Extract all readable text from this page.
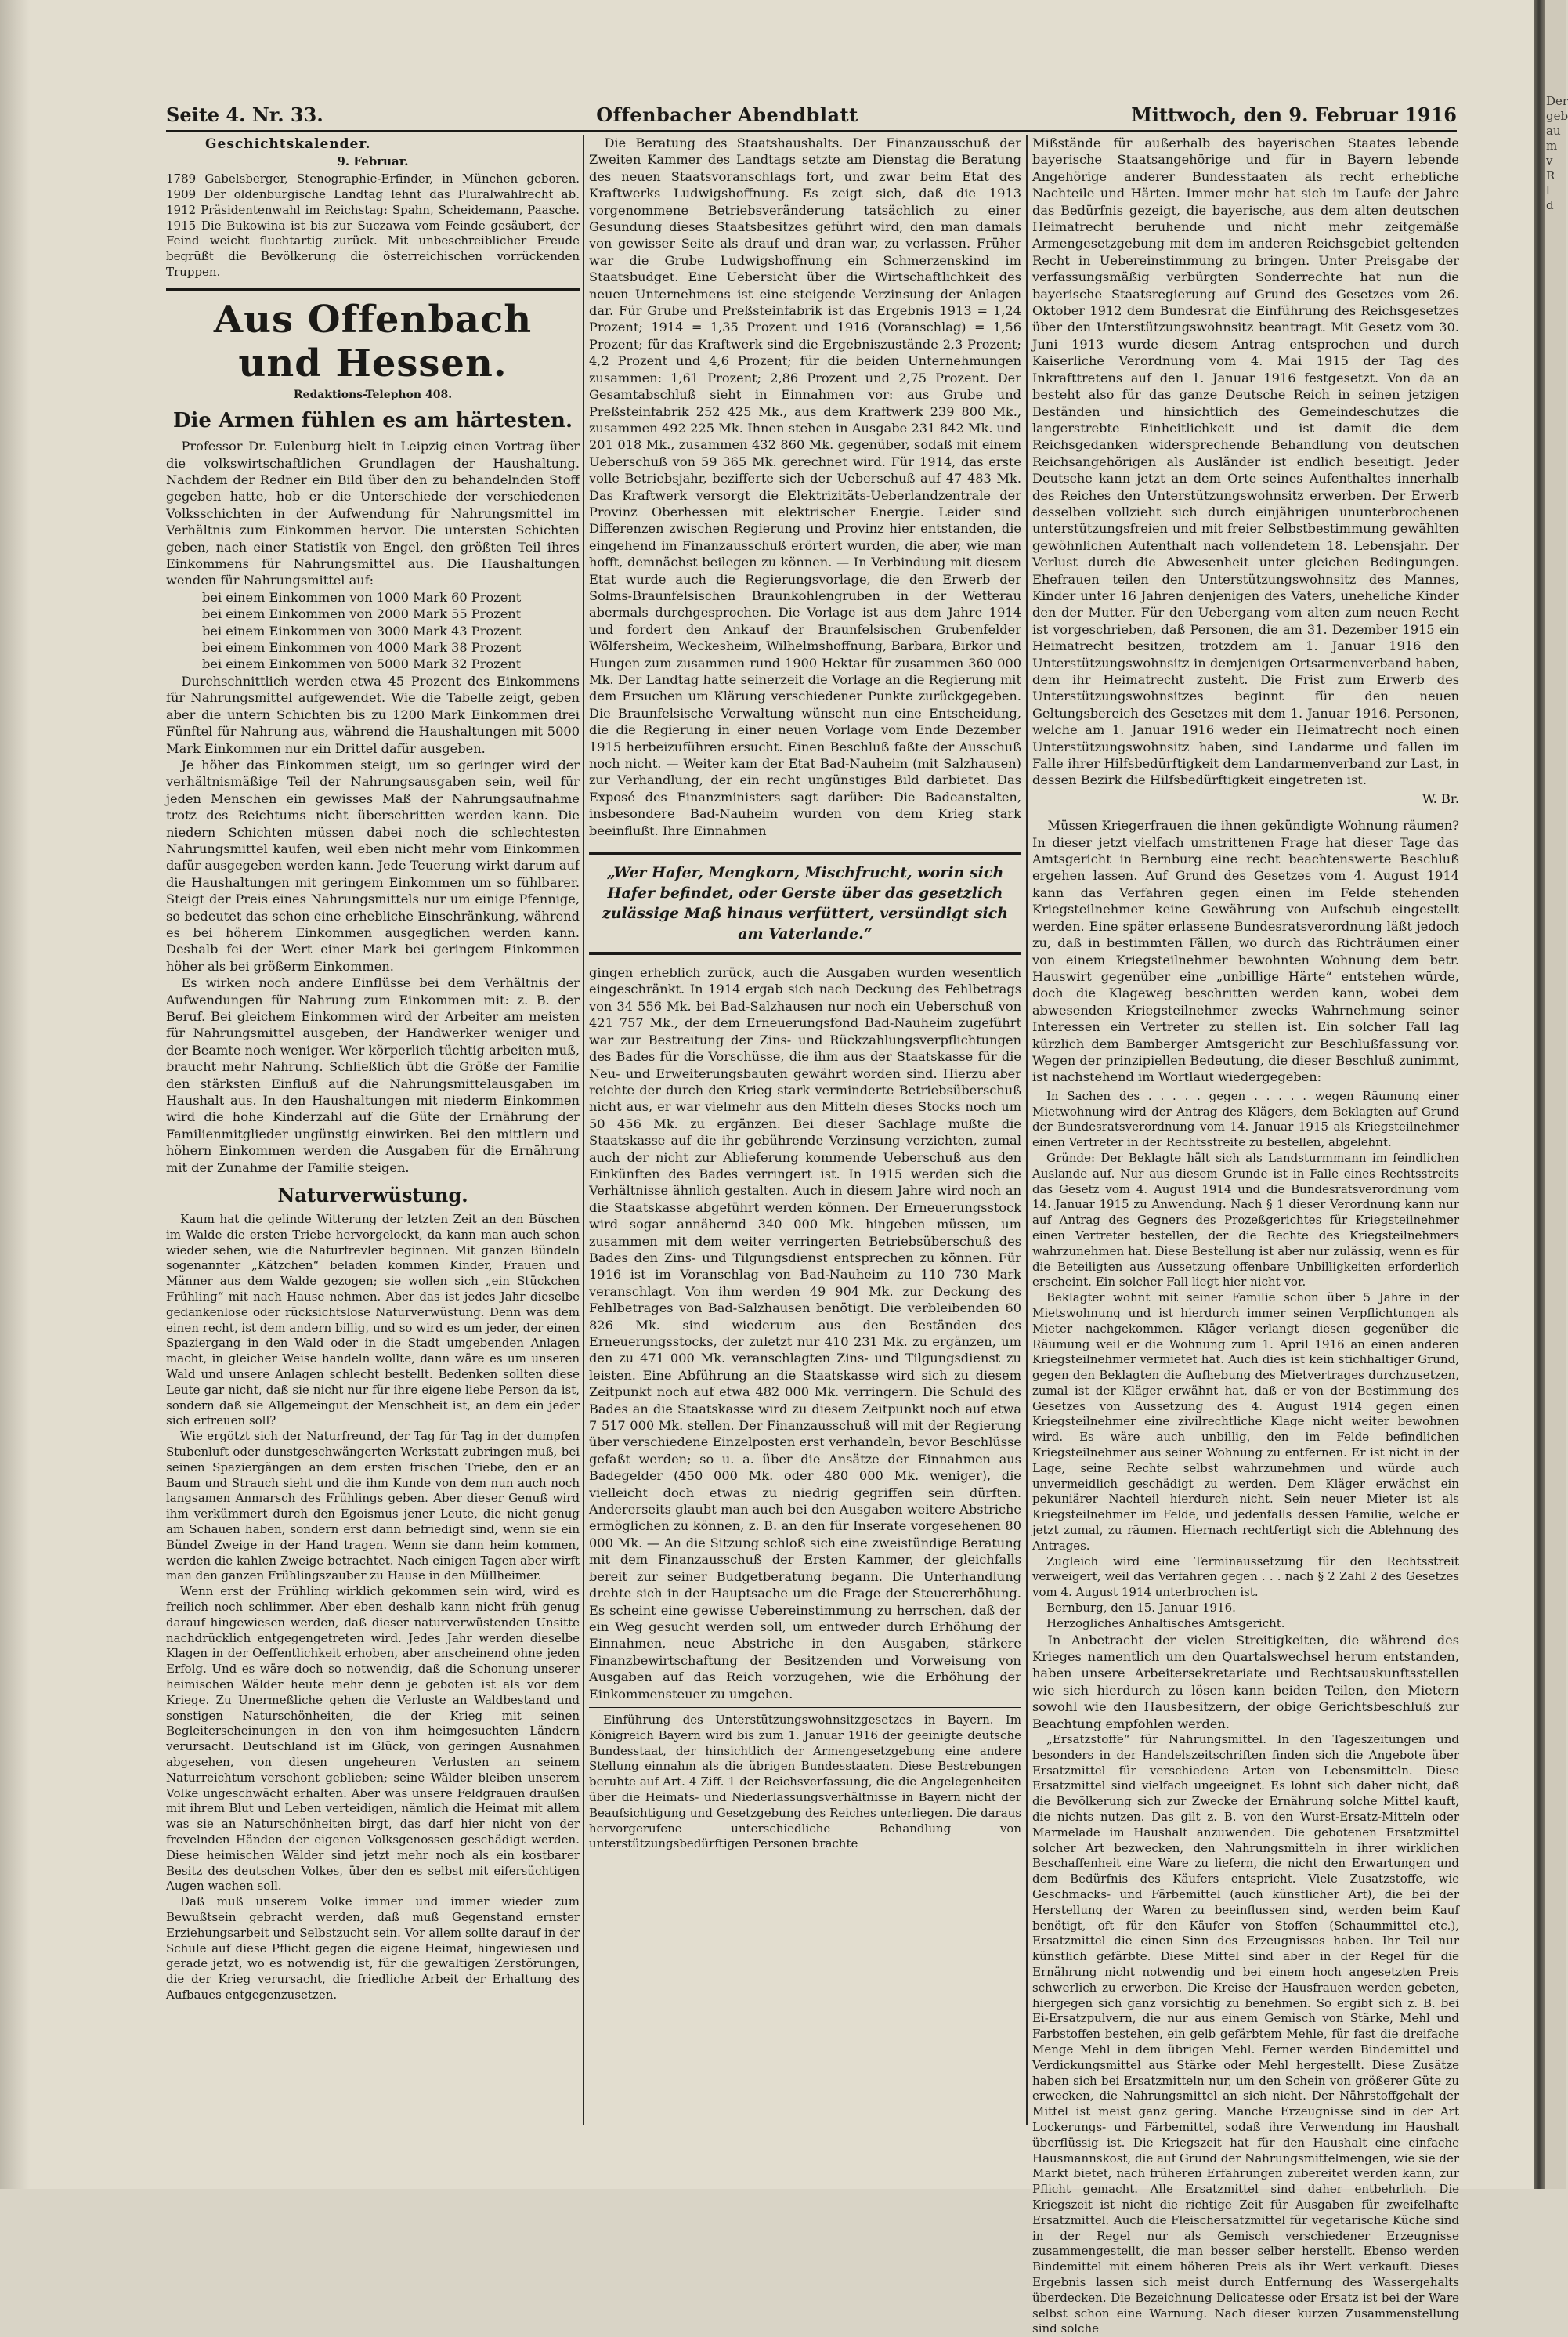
Seite 4. Nr. 33.	Offenbacher Abendblatt	Mittwoch, den 9. Februar 1916
Geschichtskalender.
9. Februar.

1789 Gabelsberger, Stenographie-Erfinder, in München geboren. 1909 Der oldenburgische Landtag lehnt das Pluralwahlrecht ab. 1912 Präsidentenwahl im Reichstag: Spahn, Scheidemann, Paasche. 1915 Die Bukowina ist bis zur Suczawa vom Feinde gesäubert, der Feind weicht fluchtartig zurück. Mit unbeschreiblicher Freude begrüßt die Bevölkerung die österreichischen vorrückenden Truppen.

Aus Offenbach und Hessen.
Redaktions-Telephon 408.
Die Armen fühlen es am härtesten.

Professor Dr. Eulenburg hielt in Leipzig einen Vortrag über die volkswirtschaftlichen Grundlagen der Haushaltung. Nachdem der Redner ein Bild über den zu behandelnden Stoff gegeben hatte, hob er die Unterschiede der verschiedenen Volksschichten in der Aufwendung für Nahrungsmittel im Verhältnis zum Einkommen hervor. Die untersten Schichten geben, nach einer Statistik von Engel, den größten Teil ihres Einkommens für Nahrungsmittel aus. Die Haushaltungen wenden für Nahrungsmittel auf:

bei einem Einkommen von 1000 Mark 60 Prozent
bei einem Einkommen von 2000 Mark 55 Prozent
bei einem Einkommen von 3000 Mark 43 Prozent
bei einem Einkommen von 4000 Mark 38 Prozent
bei einem Einkommen von 5000 Mark 32 Prozent

Durchschnittlich werden etwa 45 Prozent des Einkommens für Nahrungsmittel aufgewendet. Wie die Tabelle zeigt, geben aber die untern Schichten bis zu 1200 Mark Einkommen drei Fünftel für Nahrung aus, während die Haushaltungen mit 5000 Mark Einkommen nur ein Drittel dafür ausgeben.

Je höher das Einkommen steigt, um so geringer wird der verhältnismäßige Teil der Nahrungsausgaben sein, weil für jeden Menschen ein gewisses Maß der Nahrungsaufnahme trotz des Reichtums nicht überschritten werden kann. Die niedern Schichten müssen dabei noch die schlechtesten Nahrungsmittel kaufen, weil eben nicht mehr vom Einkommen dafür ausgegeben werden kann. Jede Teuerung wirkt darum auf die Haushaltungen mit geringem Einkommen um so fühlbarer. Steigt der Preis eines Nahrungsmittels nur um einige Pfennige, so bedeutet das schon eine erhebliche Einschränkung, während es bei höherem Einkommen ausgeglichen werden kann. Deshalb fei der Wert einer Mark bei geringem Einkommen höher als bei größerm Einkommen.

Es wirken noch andere Einflüsse bei dem Verhältnis der Aufwendungen für Nahrung zum Einkommen mit: z. B. der Beruf. Bei gleichem Einkommen wird der Arbeiter am meisten für Nahrungsmittel ausgeben, der Handwerker weniger und der Beamte noch weniger. Wer körperlich tüchtig arbeiten muß, braucht mehr Nahrung. Schließlich übt die Größe der Familie den stärksten Einfluß auf die Nahrungsmittelausgaben im Haushalt aus. In den Haushaltungen mit niederm Einkommen wird die hohe Kinderzahl auf die Güte der Ernährung der Familienmitglieder ungünstig einwirken. Bei den mittlern und höhern Einkommen werden die Ausgaben für die Ernährung mit der Zunahme der Familie steigen.

Naturverwüstung.

Kaum hat die gelinde Witterung der letzten Zeit an den Büschen im Walde die ersten Triebe hervorgelockt, da kann man auch schon wieder sehen, wie die Naturfrevler beginnen. Mit ganzen Bündeln sogenannter „Kätzchen“ beladen kommen Kinder, Frauen und Männer aus dem Walde gezogen; sie wollen sich „ein Stückchen Frühling“ mit nach Hause nehmen. Aber das ist jedes Jahr dieselbe gedankenlose oder rücksichtslose Naturverwüstung. Denn was dem einen recht, ist dem andern billig, und so wird es um jeder, der einen Spaziergang in den Wald oder in die Stadt umgebenden Anlagen macht, in gleicher Weise handeln wollte, dann wäre es um unseren Wald und unsere Anlagen schlecht bestellt. Bedenken sollten diese Leute gar nicht, daß sie nicht nur für ihre eigene liebe Person da ist, sondern daß sie Allgemeingut der Menschheit ist, an dem ein jeder sich erfreuen soll?

Wie ergötzt sich der Naturfreund, der Tag für Tag in der dumpfen Stubenluft oder dunstgeschwängerten Werkstatt zubringen muß, bei seinen Spaziergängen an dem ersten frischen Triebe, den er an Baum und Strauch sieht und die ihm Kunde von dem nun auch noch langsamen Anmarsch des Frühlings geben. Aber dieser Genuß wird ihm verkümmert durch den Egoismus jener Leute, die nicht genug am Schauen haben, sondern erst dann befriedigt sind, wenn sie ein Bündel Zweige in der Hand tragen. Wenn sie dann heim kommen, werden die kahlen Zweige betrachtet. Nach einigen Tagen aber wirft man den ganzen Frühlingszauber zu Hause in den Müllheimer.

Wenn erst der Frühling wirklich gekommen sein wird, wird es freilich noch schlimmer. Aber eben deshalb kann nicht früh genug darauf hingewiesen werden, daß dieser naturverwüstenden Unsitte nachdrücklich entgegengetreten wird. Jedes Jahr werden dieselbe Klagen in der Oeffentlichkeit erhoben, aber anscheinend ohne jeden Erfolg. Und es wäre doch so notwendig, daß die Schonung unserer heimischen Wälder heute mehr denn je geboten ist als vor dem Kriege. Zu Unermeßliche gehen die Verluste an Waldbestand und sonstigen Naturschönheiten, die der Krieg mit seinen Begleiterscheinungen in den von ihm heimgesuchten Ländern verursacht. Deutschland ist im Glück, von geringen Ausnahmen abgesehen, von diesen ungeheuren Verlusten an seinem Naturreichtum verschont geblieben; seine Wälder bleiben unserem Volke ungeschwächt erhalten. Aber was unsere Feldgrauen draußen mit ihrem Blut und Leben verteidigen, nämlich die Heimat mit allem was sie an Naturschönheiten birgt, das darf hier nicht von der frevelnden Händen der eigenen Volksgenossen geschädigt werden. Diese heimischen Wälder sind jetzt mehr noch als ein kostbarer Besitz des deutschen Volkes, über den es selbst mit eifersüchtigen Augen wachen soll.

Daß muß unserem Volke immer und immer wieder zum Bewußtsein gebracht werden, daß muß Gegenstand ernster Erziehungsarbeit und Selbstzucht sein. Vor allem sollte darauf in der Schule auf diese Pflicht gegen die eigene Heimat, hingewiesen und gerade jetzt, wo es notwendig ist, für die gewaltigen Zerstörungen, die der Krieg verursacht, die friedliche Arbeit der Erhaltung des Aufbaues entgegenzusetzen.

Die Beratung des Staatshaushalts. Der Finanzausschuß der Zweiten Kammer des Landtags setzte am Dienstag die Beratung des neuen Staatsvoranschlags fort, und zwar beim Etat des Kraftwerks Ludwigshoffnung. Es zeigt sich, daß die 1913 vorgenommene Betriebsveränderung tatsächlich zu einer Gesundung dieses Staatsbesitzes geführt wird, den man damals von gewisser Seite als drauf und dran war, zu verlassen. Früher war die Grube Ludwigshoffnung ein Schmerzenskind im Staatsbudget. Eine Uebersicht über die Wirtschaftlichkeit des neuen Unternehmens ist eine steigende Verzinsung der Anlagen dar. Für Grube und Preßsteinfabrik ist das Ergebnis 1913 = 1,24 Prozent; 1914 = 1,35 Prozent und 1916 (Voranschlag) = 1,56 Prozent; für das Kraftwerk sind die Ergebniszustände 2,3 Prozent; 4,2 Prozent und 4,6 Prozent; für die beiden Unternehmungen zusammen: 1,61 Prozent; 2,86 Prozent und 2,75 Prozent. Der Gesamtabschluß sieht in Einnahmen vor: aus Grube und Preßsteinfabrik 252 425 Mk., aus dem Kraftwerk 239 800 Mk., zusammen 492 225 Mk. Ihnen stehen in Ausgabe 231 842 Mk. und 201 018 Mk., zusammen 432 860 Mk. gegenüber, sodaß mit einem Ueberschuß von 59 365 Mk. gerechnet wird. Für 1914, das erste volle Betriebsjahr, bezifferte sich der Ueberschuß auf 47 483 Mk. Das Kraftwerk versorgt die Elektrizitäts-Ueberlandzentrale der Provinz Oberhessen mit elektrischer Energie. Leider sind Differenzen zwischen Regierung und Provinz hier entstanden, die eingehend im Finanzausschuß erörtert wurden, die aber, wie man hofft, demnächst beilegen zu können. — In Verbindung mit diesem Etat wurde auch die Regierungsvorlage, die den Erwerb der Solms-Braunfelsischen Braunkohlengruben in der Wetterau abermals durchgesprochen. Die Vorlage ist aus dem Jahre 1914 und fordert den Ankauf der Braunfelsischen Grubenfelder Wölfersheim, Weckesheim, Wilhelmshoffnung, Barbara, Birkor und Hungen zum zusammen rund 1900 Hektar für zusammen 360 000 Mk. Der Landtag hatte seinerzeit die Vorlage an die Regierung mit dem Ersuchen um Klärung verschiedener Punkte zurückgegeben. Die Braunfelsische Verwaltung wünscht nun eine Entscheidung, die die Regierung in einer neuen Vorlage vom Ende Dezember 1915 herbeizuführen ersucht. Einen Beschluß faßte der Ausschuß noch nicht. — Weiter kam der Etat Bad-Nauheim (mit Salzhausen) zur Verhandlung, der ein recht ungünstiges Bild darbietet. Das Exposé des Finanzministers sagt darüber: Die Badeanstalten, insbesondere Bad-Nauheim wurden von dem Krieg stark beeinflußt. Ihre Einnahmen

„Wer Hafer, Mengkorn, Mischfrucht, worin sich Hafer befindet, oder Gerste über das gesetzlich zulässige Maß hinaus verfüttert, versündigt sich am Vaterlande.“

gingen erheblich zurück, auch die Ausgaben wurden wesentlich eingeschränkt. In 1914 ergab sich nach Deckung des Fehlbetrags von 34 556 Mk. bei Bad-Salzhausen nur noch ein Ueberschuß von 421 757 Mk., der dem Erneuerungsfond Bad-Nauheim zugeführt war zur Bestreitung der Zins- und Rückzahlungsverpflichtungen des Bades für die Vorschüsse, die ihm aus der Staatskasse für die Neu- und Erweiterungsbauten gewährt worden sind. Hierzu aber reichte der durch den Krieg stark verminderte Betriebsüberschuß nicht aus, er war vielmehr aus den Mitteln dieses Stocks noch um 50 456 Mk. zu ergänzen. Bei dieser Sachlage mußte die Staatskasse auf die ihr gebührende Verzinsung verzichten, zumal auch der nicht zur Ablieferung kommende Ueberschuß aus den Einkünften des Bades verringert ist. In 1915 werden sich die Verhältnisse ähnlich gestalten. Auch in diesem Jahre wird noch an die Staatskasse abgeführt werden können. Der Erneuerungsstock wird sogar annähernd 340 000 Mk. hingeben müssen, um zusammen mit dem weiter verringerten Betriebsüberschuß des Bades den Zins- und Tilgungsdienst entsprechen zu können. Für 1916 ist im Voranschlag von Bad-Nauheim zu 110 730 Mark veranschlagt. Von ihm werden 49 904 Mk. zur Deckung des Fehlbetrages von Bad-Salzhausen benötigt. Die verbleibenden 60 826 Mk. sind wiederum aus den Beständen des Erneuerungsstocks, der zuletzt nur 410 231 Mk. zu ergänzen, um den zu 471 000 Mk. veranschlagten Zins- und Tilgungsdienst zu leisten. Eine Abführung an die Staatskasse wird sich zu diesem Zeitpunkt noch auf etwa 482 000 Mk. verringern. Die Schuld des Bades an die Staatskasse wird zu diesem Zeitpunkt noch auf etwa 7 517 000 Mk. stellen. Der Finanzausschuß will mit der Regierung über verschiedene Einzelposten erst verhandeln, bevor Beschlüsse gefaßt werden; so u. a. über die Ansätze der Einnahmen aus Badegelder (450 000 Mk. oder 480 000 Mk. weniger), die vielleicht doch etwas zu niedrig gegriffen sein dürften. Andererseits glaubt man auch bei den Ausgaben weitere Abstriche ermöglichen zu können, z. B. an den für Inserate vorgesehenen 80 000 Mk. — An die Sitzung schloß sich eine zweistündige Beratung mit dem Finanzausschuß der Ersten Kammer, der gleichfalls bereit zur seiner Budgetberatung begann. Die Unterhandlung drehte sich in der Hauptsache um die Frage der Steuererhöhung. Es scheint eine gewisse Uebereinstimmung zu herrschen, daß der ein Weg gesucht werden soll, um entweder durch Erhöhung der Einnahmen, neue Abstriche in den Ausgaben, stärkere Finanzbewirtschaftung der Besitzenden und Vorweisung von Ausgaben auf das Reich vorzugehen, wie die Erhöhung der Einkommensteuer zu umgehen.

Einführung des Unterstützungswohnsitzgesetzes in Bayern. Im Königreich Bayern wird bis zum 1. Januar 1916 der geeinigte deutsche Bundesstaat, der hinsichtlich der Armengesetzgebung eine andere Stellung einnahm als die übrigen Bundesstaaten. Diese Bestrebungen beruhte auf Art. 4 Ziff. 1 der Reichsverfassung, die die Angelegenheiten über die Heimats- und Niederlassungsverhältnisse in Bayern nicht der Beaufsichtigung und Gesetzgebung des Reiches unterliegen. Die daraus hervorgerufene unterschiedliche Behandlung von unterstützungsbedürftigen Personen brachte

Mißstände für außerhalb des bayerischen Staates lebende bayerische Staatsangehörige und für in Bayern lebende Angehörige anderer Bundesstaaten als recht erhebliche Nachteile und Härten. Immer mehr hat sich im Laufe der Jahre das Bedürfnis gezeigt, die bayerische, aus dem alten deutschen Heimatrecht beruhende und nicht mehr zeitgemäße Armengesetzgebung mit dem im anderen Reichsgebiet geltenden Recht in Uebereinstimmung zu bringen. Unter Preisgabe der verfassungsmäßig verbürgten Sonderrechte hat nun die bayerische Staatsregierung auf Grund des Gesetzes vom 26. Oktober 1912 dem Bundesrat die Einführung des Reichsgesetzes über den Unterstützungswohnsitz beantragt. Mit Gesetz vom 30. Juni 1913 wurde diesem Antrag entsprochen und durch Kaiserliche Verordnung vom 4. Mai 1915 der Tag des Inkrafttretens auf den 1. Januar 1916 festgesetzt. Von da an besteht also für das ganze Deutsche Reich in seinen jetzigen Beständen und hinsichtlich des Gemeindeschutzes die langerstrebte Einheitlichkeit und ist damit die dem Reichsgedanken widersprechende Behandlung von deutschen Reichsangehörigen als Ausländer ist endlich beseitigt. Jeder Deutsche kann jetzt an dem Orte seines Aufenthaltes innerhalb des Reiches den Unterstützungswohnsitz erwerben. Der Erwerb desselben vollzieht sich durch einjährigen ununterbrochenen unterstützungsfreien und mit freier Selbstbestimmung gewählten gewöhnlichen Aufenthalt nach vollendetem 18. Lebensjahr. Der Verlust durch die Abwesenheit unter gleichen Bedingungen. Ehefrauen teilen den Unterstützungswohnsitz des Mannes, Kinder unter 16 Jahren denjenigen des Vaters, uneheliche Kinder den der Mutter. Für den Uebergang vom alten zum neuen Recht ist vorgeschrieben, daß Personen, die am 31. Dezember 1915 ein Heimatrecht besitzen, trotzdem am 1. Januar 1916 den Unterstützungswohnsitz in demjenigen Ortsarmenverband haben, dem ihr Heimatrecht zusteht. Die Frist zum Erwerb des Unterstützungswohnsitzes beginnt für den neuen Geltungsbereich des Gesetzes mit dem 1. Januar 1916. Personen, welche am 1. Januar 1916 weder ein Heimatrecht noch einen Unterstützungswohnsitz haben, sind Landarme und fallen im Falle ihrer Hilfsbedürftigkeit dem Landarmenverband zur Last, in dessen Bezirk die Hilfsbedürftigkeit eingetreten ist.

W. Br.

Müssen Kriegerfrauen die ihnen gekündigte Wohnung räumen? In dieser jetzt vielfach umstrittenen Frage hat dieser Tage das Amtsgericht in Bernburg eine recht beachtenswerte Beschluß ergehen lassen. Auf Grund des Gesetzes vom 4. August 1914 kann das Verfahren gegen einen im Felde stehenden Kriegsteilnehmer keine Gewährung von Aufschub eingestellt werden. Eine später erlassene Bundesratsverordnung läßt jedoch zu, daß in bestimmten Fällen, wo durch das Richträumen einer von einem Kriegsteilnehmer bewohnten Wohnung dem betr. Hauswirt gegenüber eine „unbillige Härte“ entstehen würde, doch die Klageweg beschritten werden kann, wobei dem abwesenden Kriegsteilnehmer zwecks Wahrnehmung seiner Interessen ein Vertreter zu stellen ist. Ein solcher Fall lag kürzlich dem Bamberger Amtsgericht zur Beschlußfassung vor. Wegen der prinzipiellen Bedeutung, die dieser Beschluß zunimmt, ist nachstehend im Wortlaut wiedergegeben:

In Sachen des . . . . . gegen . . . . . wegen Räumung einer Mietwohnung wird der Antrag des Klägers, dem Beklagten auf Grund der Bundesratsverordnung vom 14. Januar 1915 als Kriegsteilnehmer einen Vertreter in der Rechtsstreite zu bestellen, abgelehnt.

Gründe: Der Beklagte hält sich als Landsturmmann im feindlichen Auslande auf. Nur aus diesem Grunde ist in Falle eines Rechtsstreits das Gesetz vom 4. August 1914 und die Bundesratsverordnung vom 14. Januar 1915 zu Anwendung. Nach § 1 dieser Verordnung kann nur auf Antrag des Gegners des Prozeßgerichtes für Kriegsteilnehmer einen Vertreter bestellen, der die Rechte des Kriegsteilnehmers wahrzunehmen hat. Diese Bestellung ist aber nur zulässig, wenn es für die Beteiligten aus Aussetzung offenbare Unbilligkeiten erforderlich erscheint. Ein solcher Fall liegt hier nicht vor.

Beklagter wohnt mit seiner Familie schon über 5 Jahre in der Mietswohnung und ist hierdurch immer seinen Verpflichtungen als Mieter nachgekommen. Kläger verlangt diesen gegenüber die Räumung weil er die Wohnung zum 1. April 1916 an einen anderen Kriegsteilnehmer vermietet hat. Auch dies ist kein stichhaltiger Grund, gegen den Beklagten die Aufhebung des Mietvertrages durchzusetzen, zumal ist der Kläger erwähnt hat, daß er von der Bestimmung des Gesetzes von Aussetzung des 4. August 1914 gegen einen Kriegsteilnehmer eine zivilrechtliche Klage nicht weiter bewohnen wird. Es wäre auch unbillig, den im Felde befindlichen Kriegsteilnehmer aus seiner Wohnung zu entfernen. Er ist nicht in der Lage, seine Rechte selbst wahrzunehmen und würde auch unvermeidlich geschädigt zu werden. Dem Kläger erwächst ein pekuniärer Nachteil hierdurch nicht. Sein neuer Mieter ist als Kriegsteilnehmer im Felde, und jedenfalls dessen Familie, welche er jetzt zumal, zu räumen. Hiernach rechtfertigt sich die Ablehnung des Antrages.

Zugleich wird eine Terminaussetzung für den Rechtsstreit verweigert, weil das Verfahren gegen . . . nach § 2 Zahl 2 des Gesetzes vom 4. August 1914 unterbrochen ist.

Bernburg, den 15. Januar 1916.

Herzogliches Anhaltisches Amtsgericht.

In Anbetracht der vielen Streitigkeiten, die während des Krieges namentlich um den Quartalswechsel herum entstanden, haben unsere Arbeitersekretariate und Rechtsauskunftsstellen wie sich hierdurch zu lösen kann beiden Teilen, den Mietern sowohl wie den Hausbesitzern, der obige Gerichtsbeschluß zur Beachtung empfohlen werden.

„Ersatzstoffe“ für Nahrungsmittel. In den Tageszeitungen und besonders in der Handelszeitschriften finden sich die Angebote über Ersatzmittel für verschiedene Arten von Lebensmitteln. Diese Ersatzmittel sind vielfach ungeeignet. Es lohnt sich daher nicht, daß die Bevölkerung sich zur Zwecke der Ernährung solche Mittel kauft, die nichts nutzen. Das gilt z. B. von den Wurst-Ersatz-Mitteln oder Marmelade im Haushalt anzuwenden. Die gebotenen Ersatzmittel solcher Art bezwecken, den Nahrungsmitteln in ihrer wirklichen Beschaffenheit eine Ware zu liefern, die nicht den Erwartungen und dem Bedürfnis des Käufers entspricht. Viele Zusatzstoffe, wie Geschmacks- und Färbemittel (auch künstlicher Art), die bei der Herstellung der Waren zu beeinflussen sind, werden beim Kauf benötigt, oft für den Käufer von Stoffen (Schaummittel etc.), Ersatzmittel die einen Sinn des Erzeugnisses haben. Ihr Teil nur künstlich gefärbte. Diese Mittel sind aber in der Regel für die Ernährung nicht notwendig und bei einem hoch angesetzten Preis schwerlich zu erwerben. Die Kreise der Hausfrauen werden gebeten, hiergegen sich ganz vorsichtig zu benehmen. So ergibt sich z. B. bei Ei-Ersatzpulvern, die nur aus einem Gemisch von Stärke, Mehl und Farbstoffen bestehen, ein gelb gefärbtem Mehle, für fast die dreifache Menge Mehl in dem übrigen Mehl. Ferner werden Bindemittel und Verdickungsmittel aus Stärke oder Mehl hergestellt. Diese Zusätze haben sich bei Ersatzmitteln nur, um den Schein von größerer Güte zu erwecken, die Nahrungsmittel an sich nicht. Der Nährstoffgehalt der Mittel ist meist ganz gering. Manche Erzeugnisse sind in der Art Lockerungs- und Färbemittel, sodaß ihre Verwendung im Haushalt überflüssig ist. Die Kriegszeit hat für den Haushalt eine einfache Hausmannskost, die auf Grund der Nahrungsmittelmengen, wie sie der Markt bietet, nach früheren Erfahrungen zubereitet werden kann, zur Pflicht gemacht. Alle Ersatzmittel sind daher entbehrlich. Die Kriegszeit ist nicht die richtige Zeit für Ausgaben für zweifelhafte Ersatzmittel. Auch die Fleischersatzmittel für vegetarische Küche sind in der Regel nur als Gemisch verschiedener Erzeugnisse zusammengestellt, die man besser selber herstellt. Ebenso werden Bindemittel mit einem höheren Preis als ihr Wert verkauft. Dieses Ergebnis lassen sich meist durch Entfernung des Wassergehalts überdecken. Die Bezeichnung Delicatesse oder Ersatz ist bei der Ware selbst schon eine Warnung. Nach dieser kurzen Zusammenstellung sind solche

Der
geb
au
m
v
R
l
d
